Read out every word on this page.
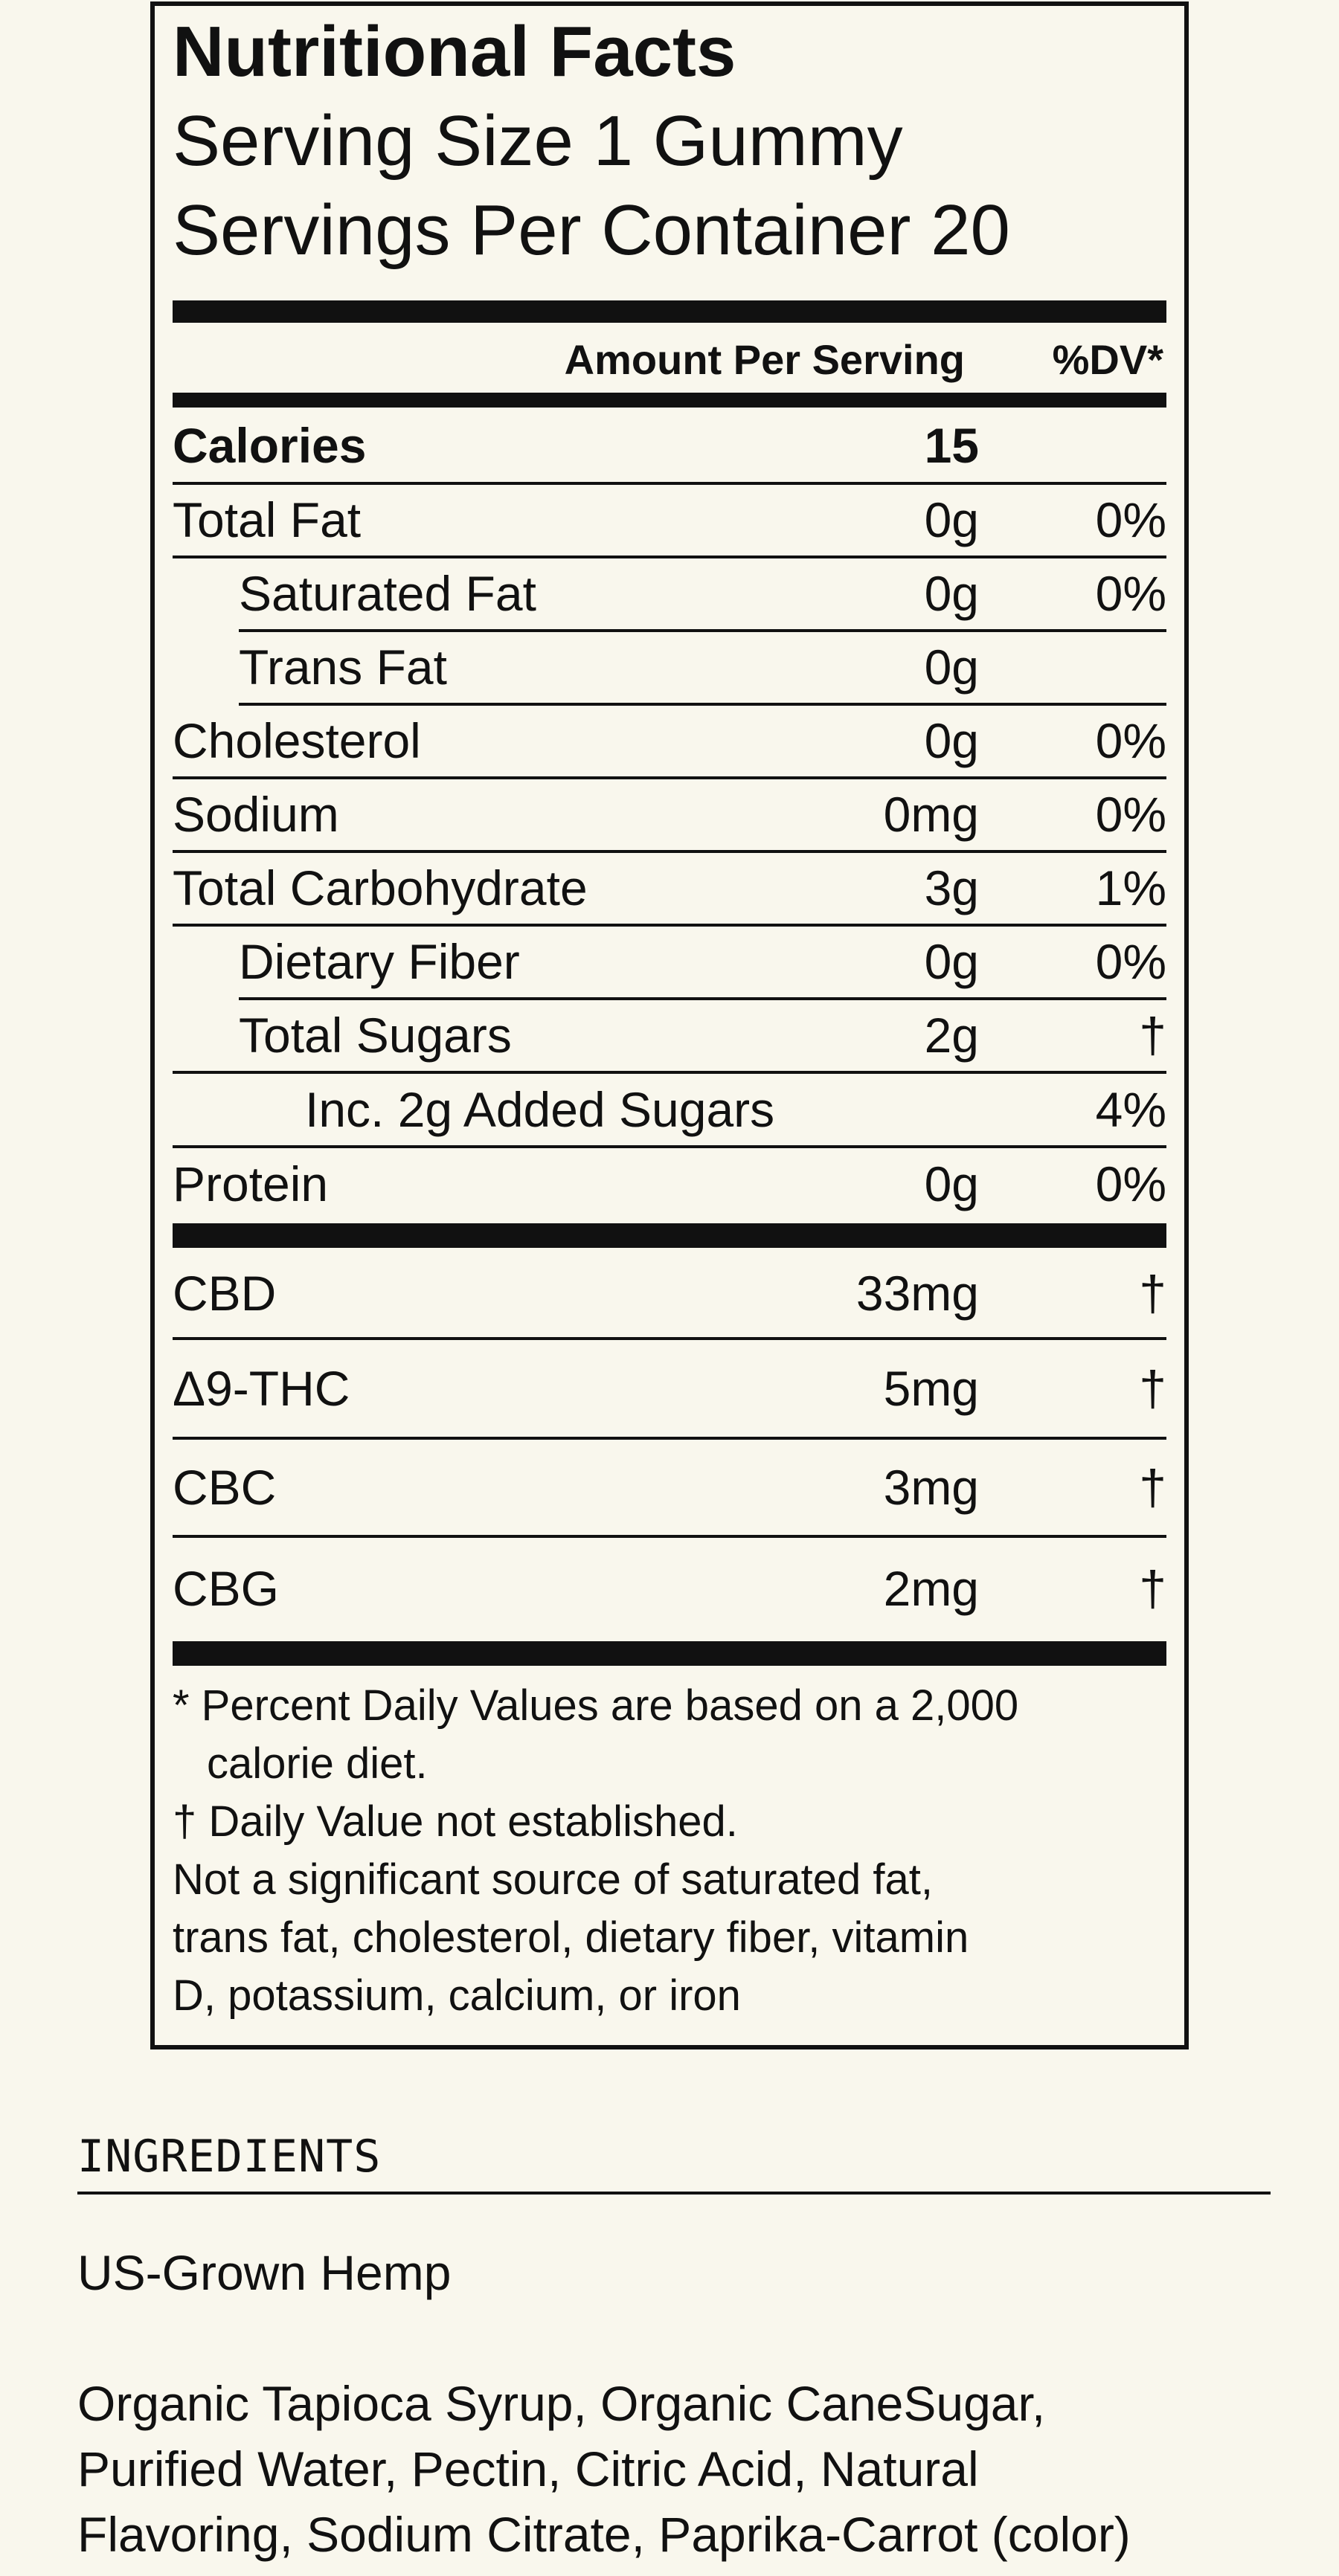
Nutritional Facts
Serving Size 1 Gummy
Servings Per Container 20
Amount Per Serving %DV*
Calories	15
Total Fat	0g 0%
Saturated Fat	0g 0%
Trans Fat	0g
Cholesterol	0g 0%
Sodium	0mg 0%
Total Carbohydrate	3g 1%
Dietary Fiber	0g 0%
Total Sugars	2g	†
Inc. 2g Added Sugars	4%
Protein	0g 0%
CBD	33mg	†
Δ9-THC	5mg	†
CBC	3mg	†
CBG	2mg	†
* Percent Daily Values are based on a 2,000
calorie diet.
† Daily Value not established.
Not a significant source of saturated fat,
trans fat, cholesterol, dietary fiber, vitamin
D, potassium, calcium, or iron
INGREDIENTS
US-Grown Hemp
Organic Tapioca Syrup, Organic CaneSugar,
Purified Water, Pectin, Citric Acid, Natural
Flavoring, Sodium Citrate, Paprika-Carrot (color)
